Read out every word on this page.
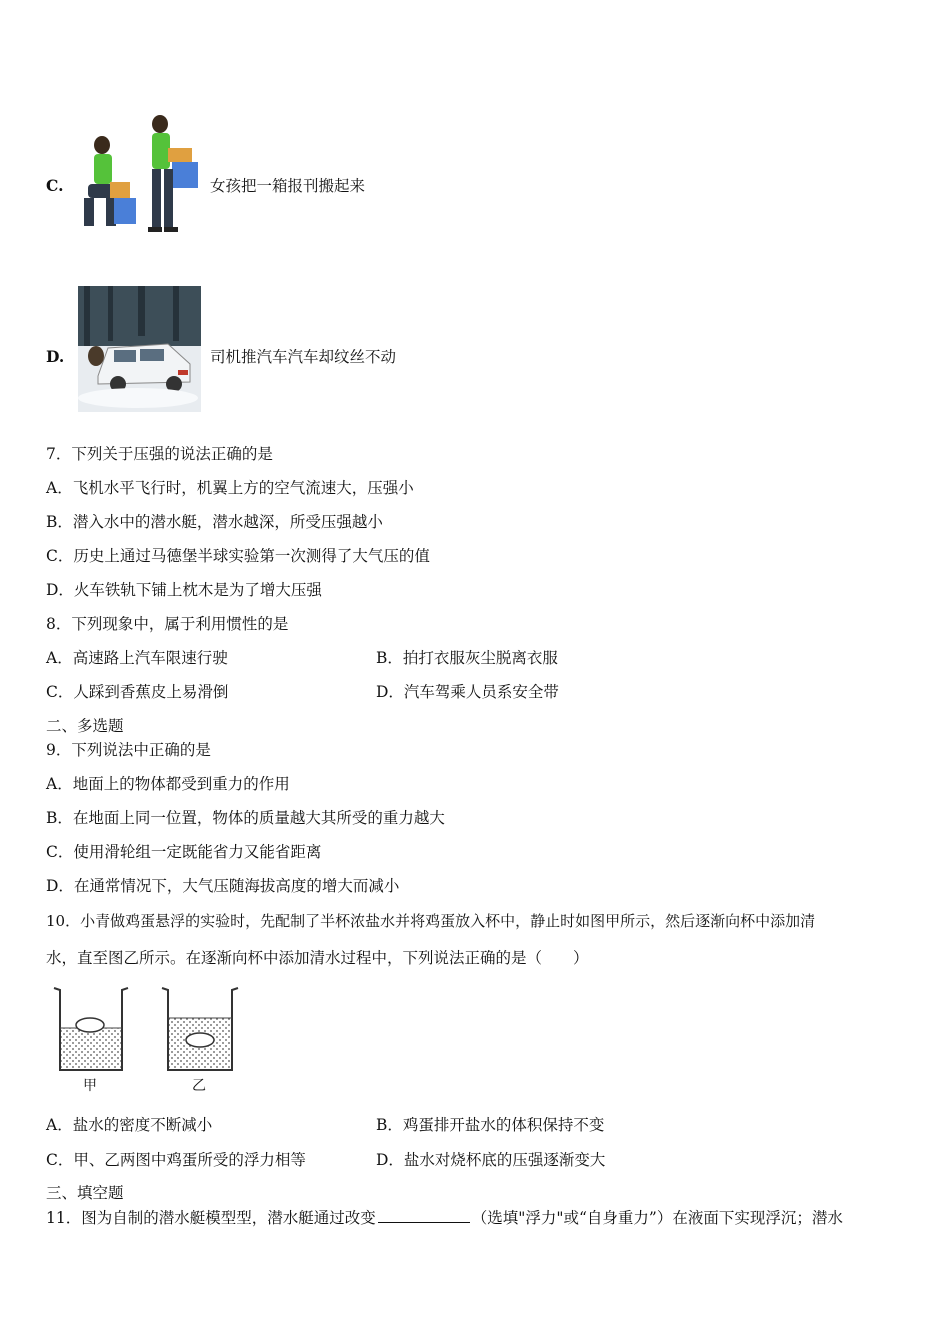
C.	女孩把一箱报刊搬起来
D.	司机推汽车汽车却纹丝不动
7．下列关于压强的说法正确的是
A．飞机水平飞行时，机翼上方的空气流速大，压强小
B．潜入水中的潜水艇，潜水越深，所受压强越小
C．历史上通过马德堡半球实验第一次测得了大气压的值
D．火车铁轨下铺上枕木是为了增大压强
8．下列现象中，属于利用惯性的是
A．高速路上汽车限速行驶	B．拍打衣服灰尘脱离衣服
C．人踩到香蕉皮上易滑倒	D．汽车驾乘人员系安全带
二、多选题
9．下列说法中正确的是
A．地面上的物体都受到重力的作用
B．在地面上同一位置，物体的质量越大其所受的重力越大
C．使用滑轮组一定既能省力又能省距离
D．在通常情况下，大气压随海拔高度的增大而减小
10．小青做鸡蛋悬浮的实验时，先配制了半杯浓盐水并将鸡蛋放入杯中，静止时如图甲所示，然后逐渐向杯中添加清
水，直至图乙所示。在逐渐向杯中添加清水过程中，下列说法正确的是（　　）
甲	乙
A．盐水的密度不断减小	B．鸡蛋排开盐水的体积保持不变
C．甲、乙两图中鸡蛋所受的浮力相等	D．盐水对烧杯底的压强逐渐变大
三、填空题
11．图为自制的潜水艇模型型，潜水艇通过改变	（选填"浮力"或“自身重力”）在液面下实现浮沉；潜水
